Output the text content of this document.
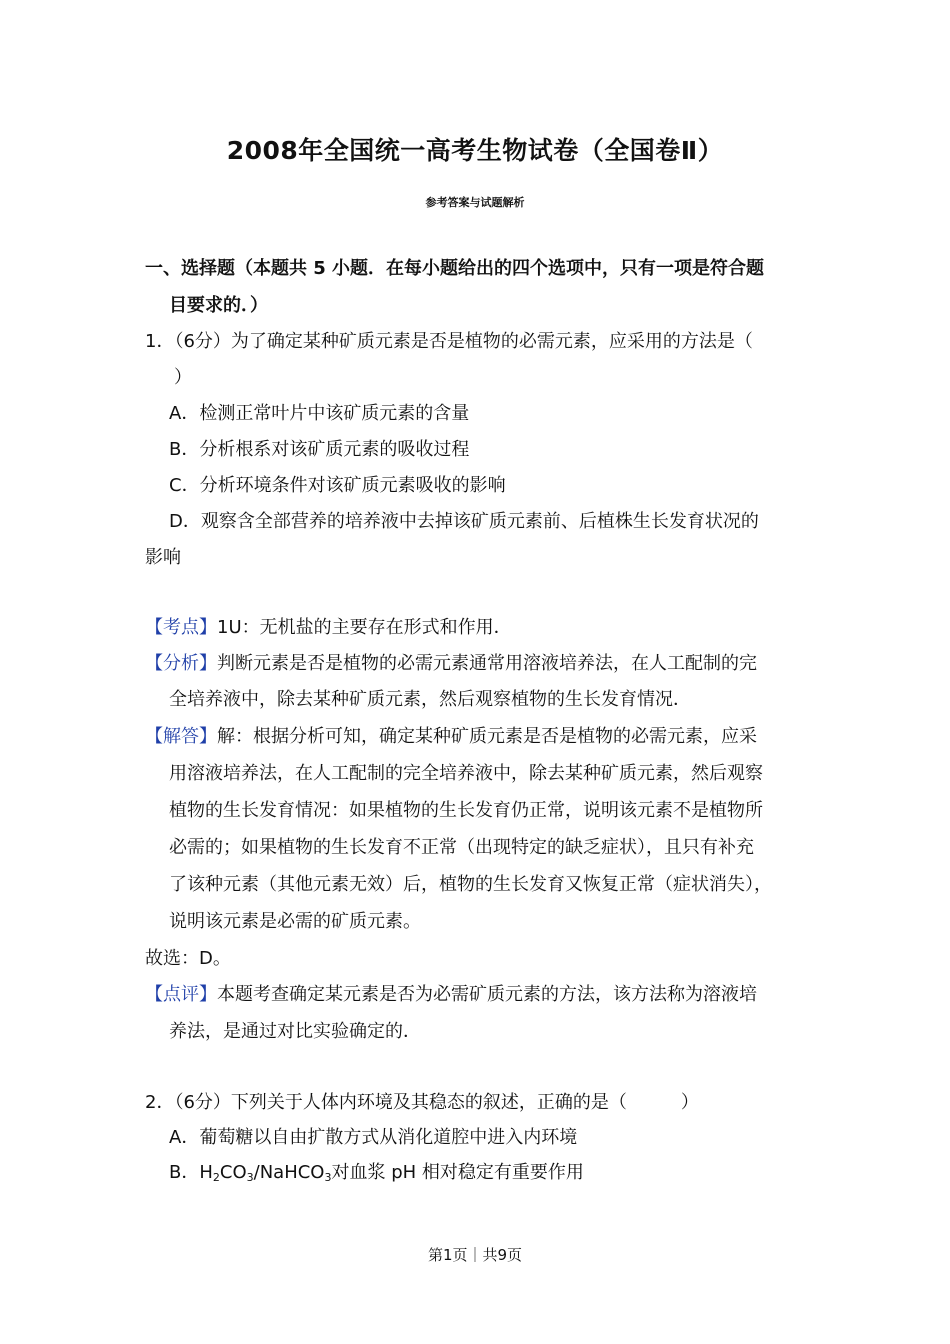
2008年全国统一高考生物试卷（全国卷Ⅱ）
参考答案与试题解析
一、选择题（本题共 5 小题．在每小题给出的四个选项中，只有一项是符合题
目要求的．）
1．（6分）为了确定某种矿质元素是否是植物的必需元素，应采用的方法是（
）
A．检测正常叶片中该矿质元素的含量
B．分析根系对该矿质元素的吸收过程
C．分析环境条件对该矿质元素吸收的影响
D．观察含全部营养的培养液中去掉该矿质元素前、后植株生长发育状况的
影响
【考点】1U：无机盐的主要存在形式和作用．
【分析】判断元素是否是植物的必需元素通常用溶液培养法，在人工配制的完
全培养液中，除去某种矿质元素，然后观察植物的生长发育情况．
【解答】解：根据分析可知，确定某种矿质元素是否是植物的必需元素，应采
用溶液培养法，在人工配制的完全培养液中，除去某种矿质元素，然后观察
植物的生长发育情况：如果植物的生长发育仍正常，说明该元素不是植物所
必需的；如果植物的生长发育不正常（出现特定的缺乏症状），且只有补充
了该种元素（其他元素无效）后，植物的生长发育又恢复正常（症状消失），
说明该元素是必需的矿质元素。
故选：D。
【点评】本题考查确定某元素是否为必需矿质元素的方法，该方法称为溶液培
养法，是通过对比实验确定的．
2．（6分）下列关于人体内环境及其稳态的叙述，正确的是（　　　）
A．葡萄糖以自由扩散方式从消化道腔中进入内环境
B．$H_2CO_3/NaHCO_3$对血浆 pH 相对稳定有重要作用
第1页｜共9页
